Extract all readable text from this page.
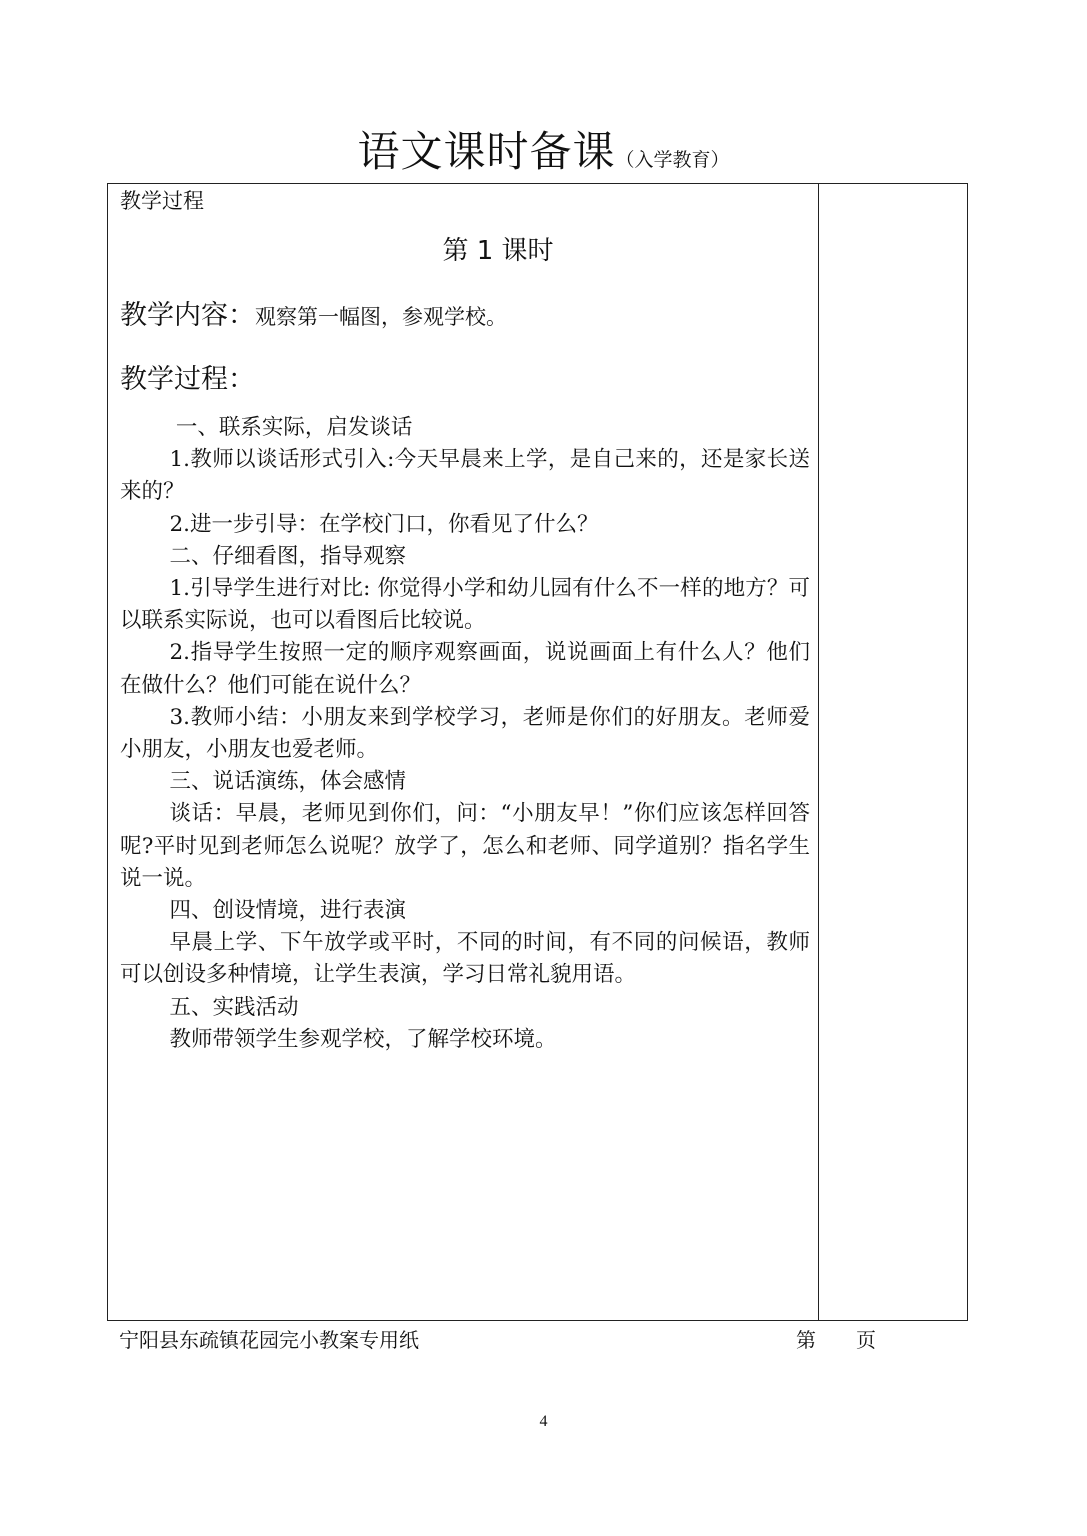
语文课时备课（入学教育）
教学过程
第 1 课时
教学内容：观察第一幅图，参观学校。
教学过程：

一、联系实际，启发谈话

1.教师以谈话形式引入:今天早晨来上学，是自己来的，还是家长送来的？

2.进一步引导：在学校门口，你看见了什么？

二、仔细看图，指导观察

1.引导学生进行对比: 你觉得小学和幼儿园有什么不一样的地方？可以联系实际说，也可以看图后比较说。

2.指导学生按照一定的顺序观察画面，说说画面上有什么人？他们在做什么？他们可能在说什么？

3.教师小结：小朋友来到学校学习，老师是你们的好朋友。老师爱小朋友，小朋友也爱老师。

三、说话演练，体会感情

谈话：早晨，老师见到你们，问：“小朋友早！”你们应该怎样回答呢?平时见到老师怎么说呢？放学了，怎么和老师、同学道别？指名学生说一说。

四、创设情境，进行表演

早晨上学、下午放学或平时，不同的时间，有不同的问候语，教师可以创设多种情境，让学生表演，学习日常礼貌用语。

五、实践活动

教师带领学生参观学校，了解学校环境。

宁阳县东疏镇花园完小教案专用纸	第 页
4
